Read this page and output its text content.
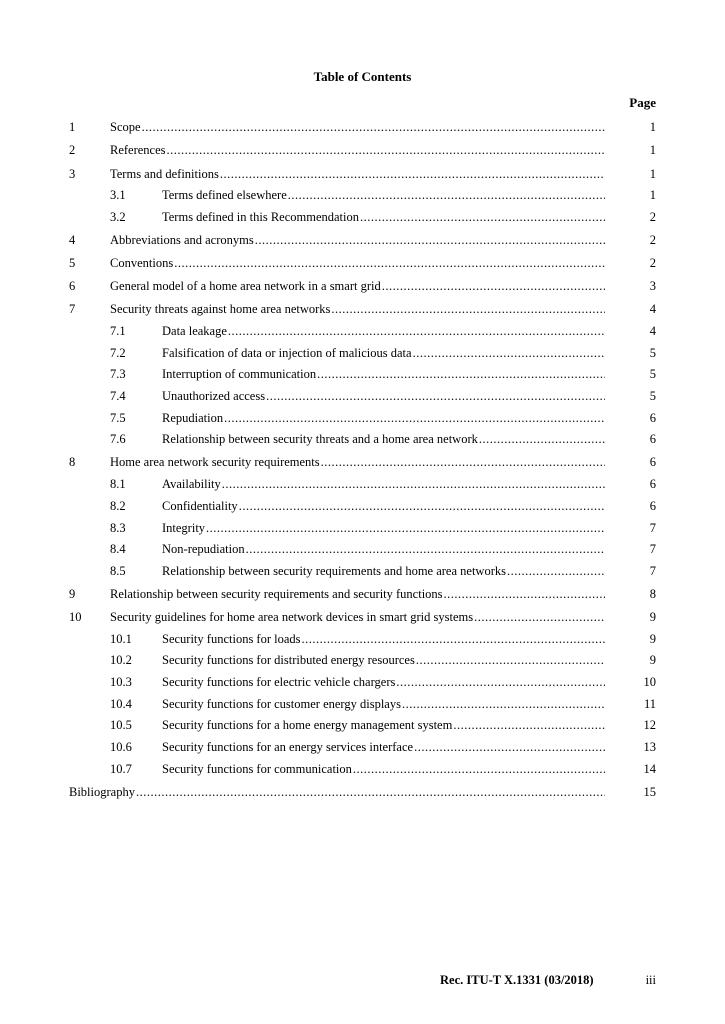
Table of Contents
Page
1	Scope .....	1
2	References .....	1
3	Terms and definitions .....	1
3.1	Terms defined elsewhere .....	1
3.2	Terms defined in this Recommendation .....	2
4	Abbreviations and acronyms .....	2
5	Conventions .....	2
6	General model of a home area network in a smart grid .....	3
7	Security threats against home area networks .....	4
7.1	Data leakage .....	4
7.2	Falsification of data or injection of malicious data .....	5
7.3	Interruption of communication .....	5
7.4	Unauthorized access .....	5
7.5	Repudiation .....	6
7.6	Relationship between security threats and a home area network .....	6
8	Home area network security requirements .....	6
8.1	Availability .....	6
8.2	Confidentiality .....	6
8.3	Integrity .....	7
8.4	Non-repudiation .....	7
8.5	Relationship between security requirements and home area networks .....	7
9	Relationship between security requirements and security functions .....	8
10 Security guidelines for home area network devices in smart grid systems .....	9
10.1 Security functions for loads .....	9
10.2 Security functions for distributed energy resources .....	9
10.3 Security functions for electric vehicle chargers .....	10
10.4 Security functions for customer energy displays .....	11
10.5 Security functions for a home energy management system .....	12
10.6 Security functions for an energy services interface .....	13
10.7 Security functions for communication .....	14
Bibliography .....	15
Rec. ITU-T X.1331 (03/2018)	iii
